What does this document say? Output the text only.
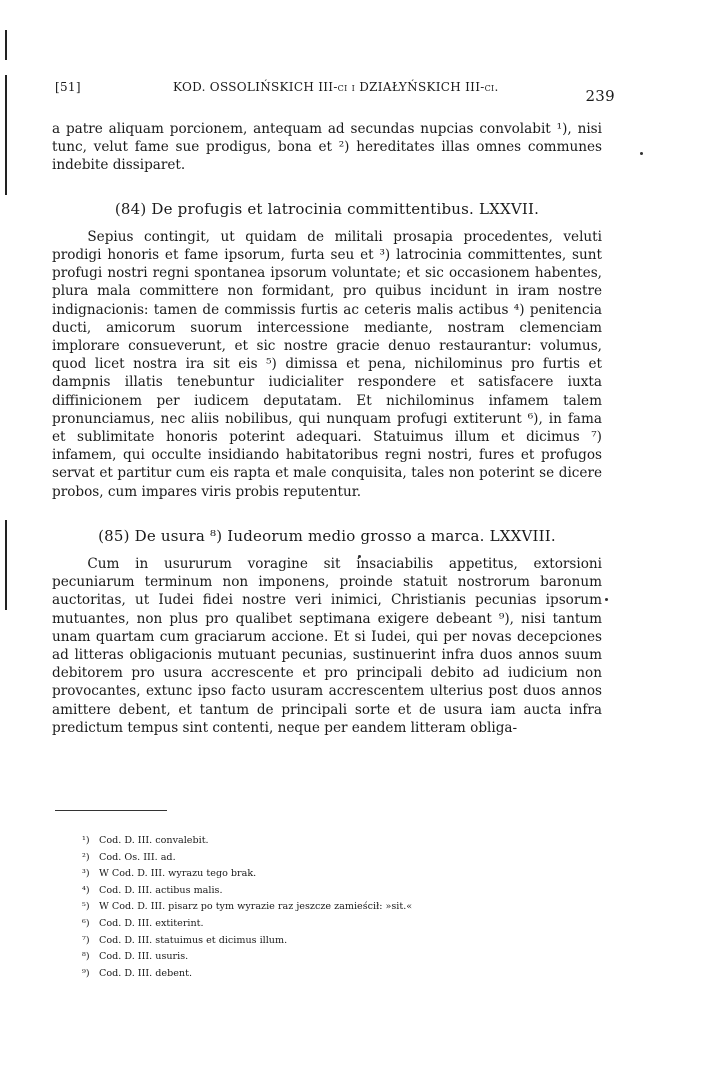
[51]	KOD. OSSOLIŃSKICH III-ci i DZIAŁYŃSKICH III-ci.	239

a patre aliquam porcionem, antequam ad secundas nupcias convolabit ¹), nisi tunc, velut fame sue prodigus, bona et ²) hereditates illas omnes communes indebite dissiparet.

(84) De profugis et latrocinia committentibus. LXXVII.

Sepius contingit, ut quidam de militali prosapia procedentes, veluti prodigi honoris et fame ipsorum, furta seu et ³) latrocinia committentes, sunt profugi nostri regni spontanea ipsorum voluntate; et sic occasionem habentes, plura mala committere non formidant, pro quibus incidunt in iram nostre indignacionis: tamen de commissis furtis ac ceteris malis actibus ⁴) penitencia ducti, amicorum suorum intercessione mediante, nostram clemenciam implorare consueverunt, et sic nostre gracie denuo restaurantur: volumus, quod licet nostra ira sit eis ⁵) dimissa et pena, nichilominus pro furtis et dampnis illatis tenebuntur iudicialiter respondere et satisfacere iuxta diffinicionem per iudicem deputatam. Et nichilominus infamem talem pronunciamus, nec aliis nobilibus, qui nunquam profugi extiterunt ⁶), in fama et sublimitate honoris poterint adequari. Statuimus illum et dicimus ⁷) infamem, qui occulte insidiando habitatoribus regni nostri, fures et profugos servat et partitur cum eis rapta et male conquisita, tales non poterint se dicere probos, cum impares viris probis reputentur.

(85) De usura ⁸) Iudeorum medio grosso a marca. LXXVIII.

Cum in usururum voragine sit insaciabilis appetitus, extorsioni pecuniarum terminum non imponens, proinde statuit nostrorum baronum auctoritas, ut Iudei fidei nostre veri inimici, Christianis pecunias ipsorum mutuantes, non plus pro qualibet septimana exigere debeant ⁹), nisi tantum unam quartam cum graciarum accione. Et si Iudei, qui per novas decepciones ad litteras obligacionis mutuant pecunias, sustinuerint infra duos annos suum debitorem pro usura accrescente et pro principali debito ad iudicium non provocantes, extunc ipso facto usuram accrescentem ulterius post duos annos amittere debent, et tantum de principali sorte et de usura iam aucta infra predictum tempus sint contenti, neque per eandem litteram obliga-

¹) Cod. D. III. convalebit.
²) Cod. Os. III. ad.
³) W Cod. D. III. wyrazu tego brak.
⁴) Cod. D. III. actibus malis.
⁵) W Cod. D. III. pisarz po tym wyrazie raz jeszcze zamieścił: »sit.«
⁶) Cod. D. III. extiterint.
⁷) Cod. D. III. statuimus et dicimus illum.
⁸) Cod. D. III. usuris.
⁹) Cod. D. III. debent.
